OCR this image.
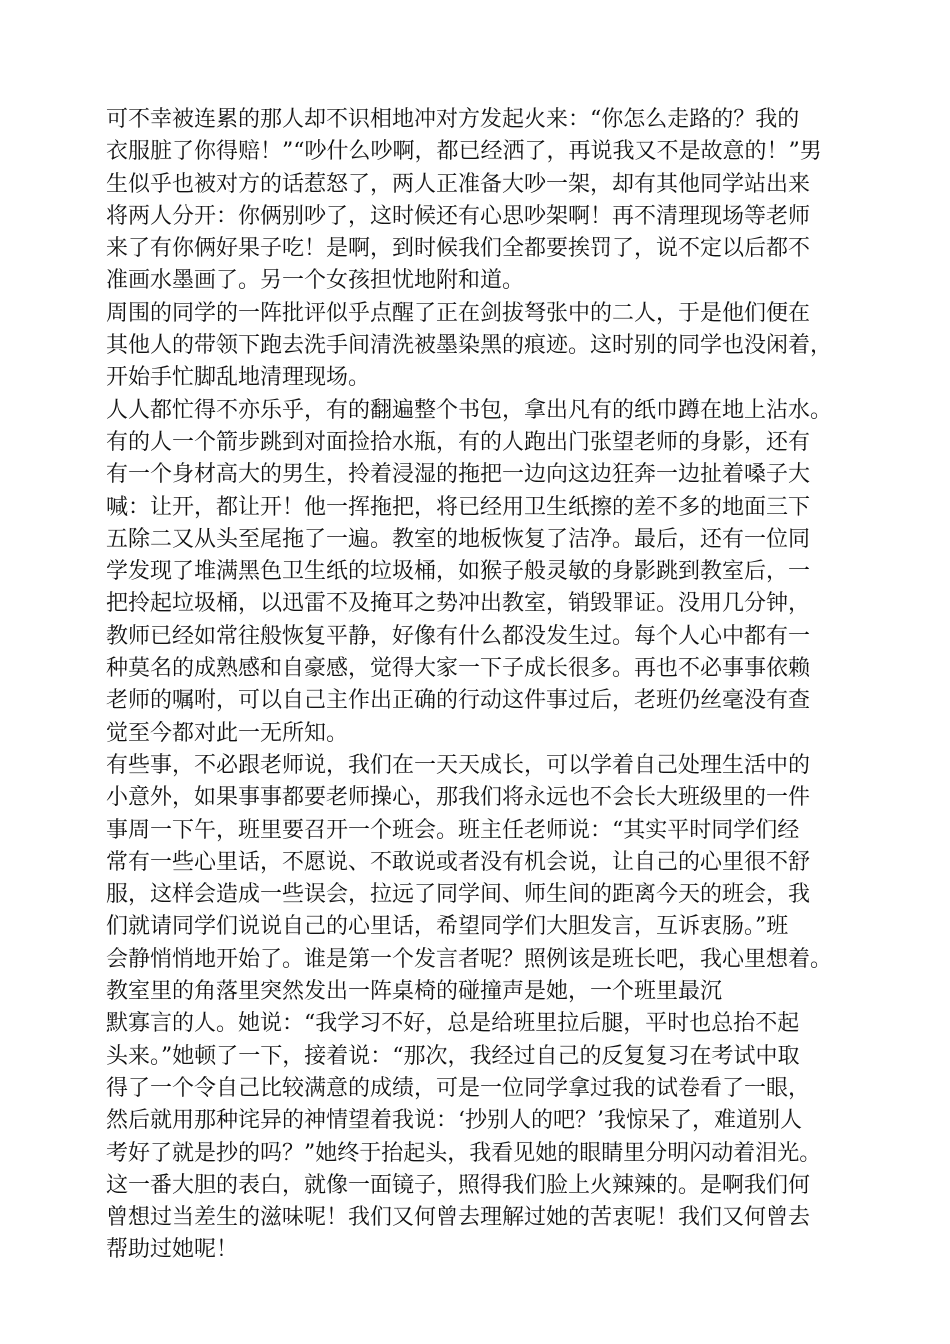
可不幸被连累的那人却不识相地冲对方发起火来：“你怎么走路的？我的
衣服脏了你得赔！”“吵什么吵啊，都已经洒了，再说我又不是故意的！”男
生似乎也被对方的话惹怒了，两人正准备大吵一架，却有其他同学站出来
将两人分开：你俩别吵了，这时候还有心思吵架啊！再不清理现场等老师
来了有你俩好果子吃！是啊，到时候我们全都要挨罚了，说不定以后都不
准画水墨画了。另一个女孩担忧地附和道。
周围的同学的一阵批评似乎点醒了正在剑拔弩张中的二人，于是他们便在
其他人的带领下跑去洗手间清洗被墨染黑的痕迹。这时别的同学也没闲着，
开始手忙脚乱地清理现场。
人人都忙得不亦乐乎，有的翻遍整个书包，拿出凡有的纸巾蹲在地上沾水。
有的人一个箭步跳到对面捡拾水瓶，有的人跑出门张望老师的身影，还有
有一个身材高大的男生，拎着浸湿的拖把一边向这边狂奔一边扯着嗓子大
喊：让开，都让开！他一挥拖把，将已经用卫生纸擦的差不多的地面三下
五除二又从头至尾拖了一遍。教室的地板恢复了洁净。最后，还有一位同
学发现了堆满黑色卫生纸的垃圾桶，如猴子般灵敏的身影跳到教室后，一
把拎起垃圾桶，以迅雷不及掩耳之势冲出教室，销毁罪证。没用几分钟，
教师已经如常往般恢复平静，好像有什么都没发生过。每个人心中都有一
种莫名的成熟感和自豪感，觉得大家一下子成长很多。再也不必事事依赖
老师的嘱咐，可以自己主作出正确的行动这件事过后，老班仍丝毫没有查
觉至今都对此一无所知。
有些事，不必跟老师说，我们在一天天成长，可以学着自己处理生活中的
小意外，如果事事都要老师操心，那我们将永远也不会长大班级里的一件
事周一下午，班里要召开一个班会。班主任老师说：“其实平时同学们经
常有一些心里话，不愿说、不敢说或者没有机会说，让自己的心里很不舒
服，这样会造成一些误会，拉远了同学间、师生间的距离今天的班会，我
们就请同学们说说自己的心里话，希望同学们大胆发言，互诉衷肠。”班
会静悄悄地开始了。谁是第一个发言者呢？照例该是班长吧，我心里想着。
教室里的角落里突然发出一阵桌椅的碰撞声是她，一个班里最沉
默寡言的人。她说：“我学习不好，总是给班里拉后腿，平时也总抬不起
头来。”她顿了一下，接着说：“那次，我经过自己的反复复习在考试中取
得了一个令自己比较满意的成绩，可是一位同学拿过我的试卷看了一眼，
然后就用那种诧异的神情望着我说：‘抄别人的吧？’我惊呆了，难道别人
考好了就是抄的吗？”她终于抬起头，我看见她的眼睛里分明闪动着泪光。
这一番大胆的表白，就像一面镜子，照得我们脸上火辣辣的。是啊我们何
曾想过当差生的滋味呢！我们又何曾去理解过她的苦衷呢！我们又何曾去
帮助过她呢！
